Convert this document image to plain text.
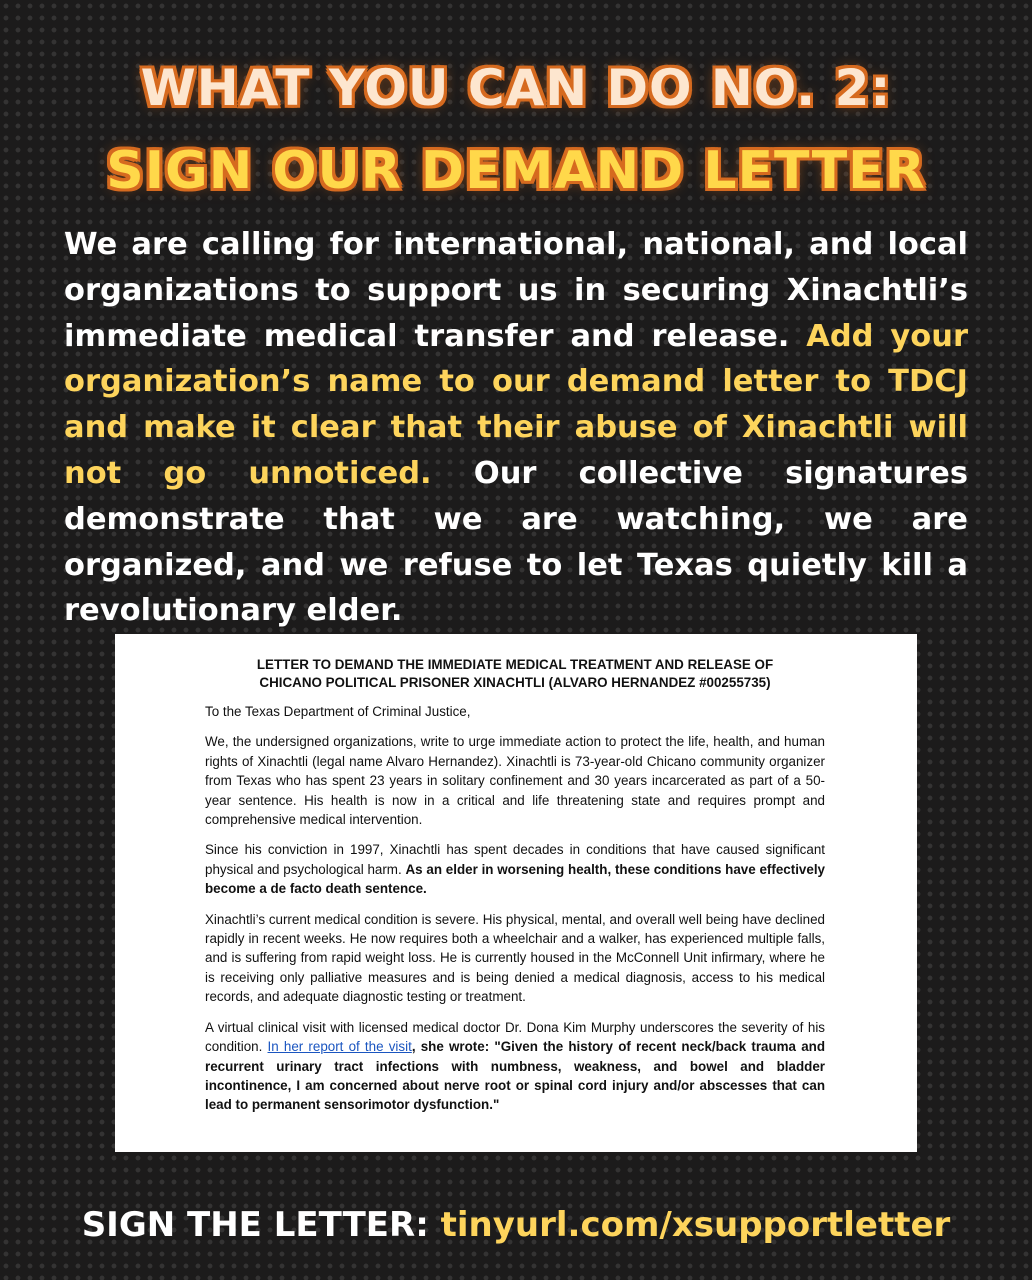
WHAT YOU CAN DO NO. 2:
SIGN OUR DEMAND LETTER

We are calling for international, national, and local organizations to support us in securing Xinachtli’s immediate medical transfer and release. Add your organization’s name to our demand letter to TDCJ and make it clear that their abuse of Xinachtli will not go unnoticed. Our collective signatures demonstrate that we are watching, we are organized, and we refuse to let Texas quietly kill a revolutionary elder.

LETTER TO DEMAND THE IMMEDIATE MEDICAL TREATMENT AND RELEASE OF
CHICANO POLITICAL PRISONER XINACHTLI (ALVARO HERNANDEZ #00255735)

To the Texas Department of Criminal Justice,

We, the undersigned organizations, write to urge immediate action to protect the life, health, and human rights of Xinachtli (legal name Alvaro Hernandez). Xinachtli is 73-year-old Chicano community organizer from Texas who has spent 23 years in solitary confinement and 30 years incarcerated as part of a 50-year sentence. His health is now in a critical and life threatening state and requires prompt and comprehensive medical intervention.

Since his conviction in 1997, Xinachtli has spent decades in conditions that have caused significant physical and psychological harm. As an elder in worsening health, these conditions have effectively become a de facto death sentence.

Xinachtli’s current medical condition is severe. His physical, mental, and overall well being have declined rapidly in recent weeks. He now requires both a wheelchair and a walker, has experienced multiple falls, and is suffering from rapid weight loss. He is currently housed in the McConnell Unit infirmary, where he is receiving only palliative measures and is being denied a medical diagnosis, access to his medical records, and adequate diagnostic testing or treatment.

A virtual clinical visit with licensed medical doctor Dr. Dona Kim Murphy underscores the severity of his condition. In her report of the visit, she wrote: "Given the history of recent neck/back trauma and recurrent urinary tract infections with numbness, weakness, and bowel and bladder incontinence, I am concerned about nerve root or spinal cord injury and/or abscesses that can lead to permanent sensorimotor dysfunction."

SIGN THE LETTER: tinyurl.com/xsupportletter
